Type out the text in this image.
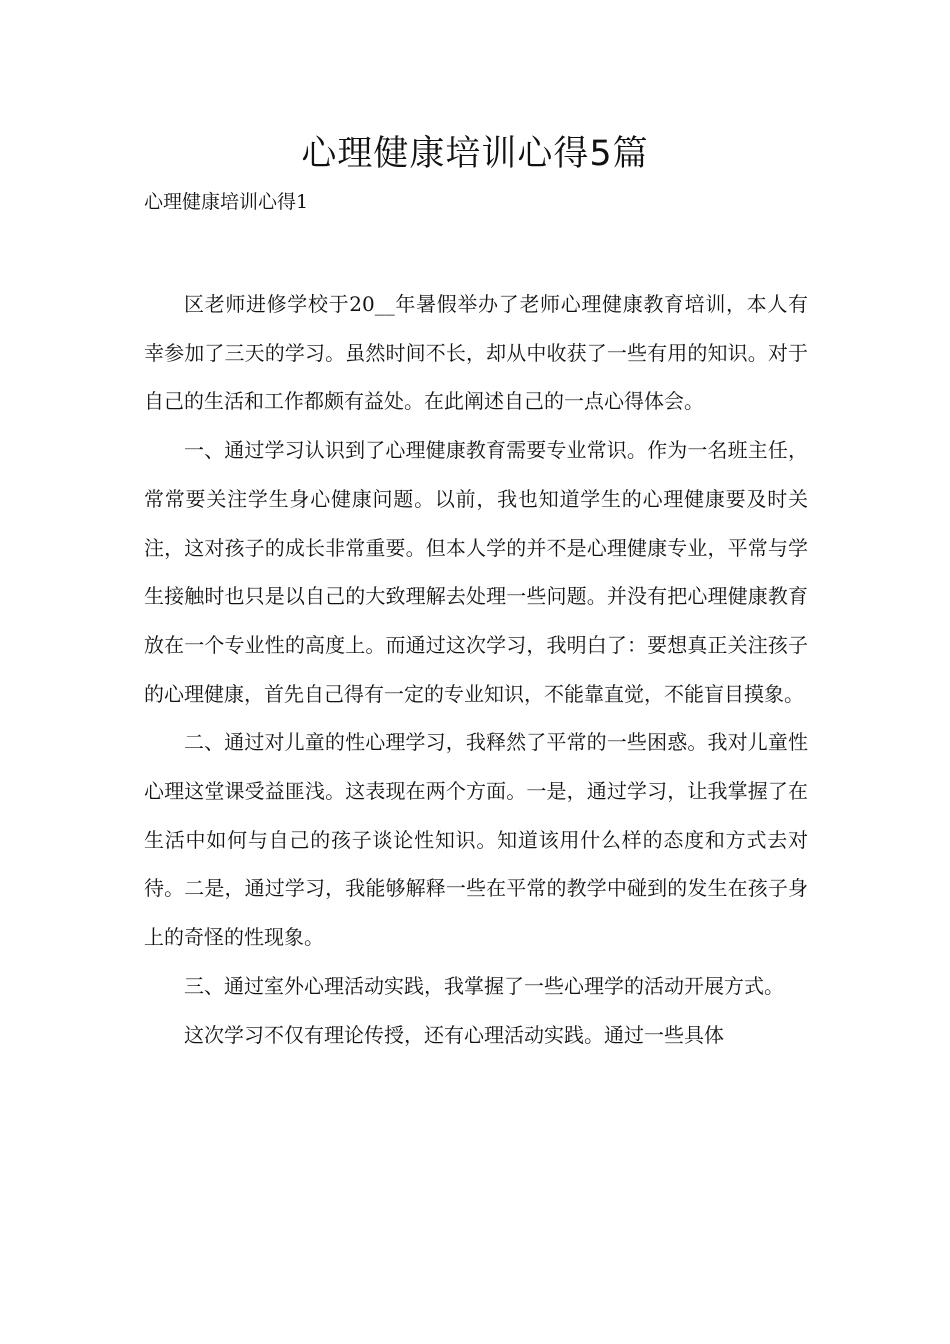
心理健康培训心得5篇

心理健康培训心得1

区老师进修学校于20__年暑假举办了老师心理健康教育培训，本人有幸参加了三天的学习。虽然时间不长，却从中收获了一些有用的知识。对于自己的生活和工作都颇有益处。在此阐述自己的一点心得体会。

一、通过学习认识到了心理健康教育需要专业常识。作为一名班主任，常常要关注学生身心健康问题。以前，我也知道学生的心理健康要及时关注，这对孩子的成长非常重要。但本人学的并不是心理健康专业，平常与学生接触时也只是以自己的大致理解去处理一些问题。并没有把心理健康教育放在一个专业性的高度上。而通过这次学习，我明白了：要想真正关注孩子的心理健康，首先自己得有一定的专业知识，不能靠直觉，不能盲目摸象。

二、通过对儿童的性心理学习，我释然了平常的一些困惑。我对儿童性心理这堂课受益匪浅。这表现在两个方面。一是，通过学习，让我掌握了在生活中如何与自己的孩子谈论性知识。知道该用什么样的态度和方式去对待。二是，通过学习，我能够解释一些在平常的教学中碰到的发生在孩子身上的奇怪的性现象。

三、通过室外心理活动实践，我掌握了一些心理学的活动开展方式。

这次学习不仅有理论传授，还有心理活动实践。通过一些具体
